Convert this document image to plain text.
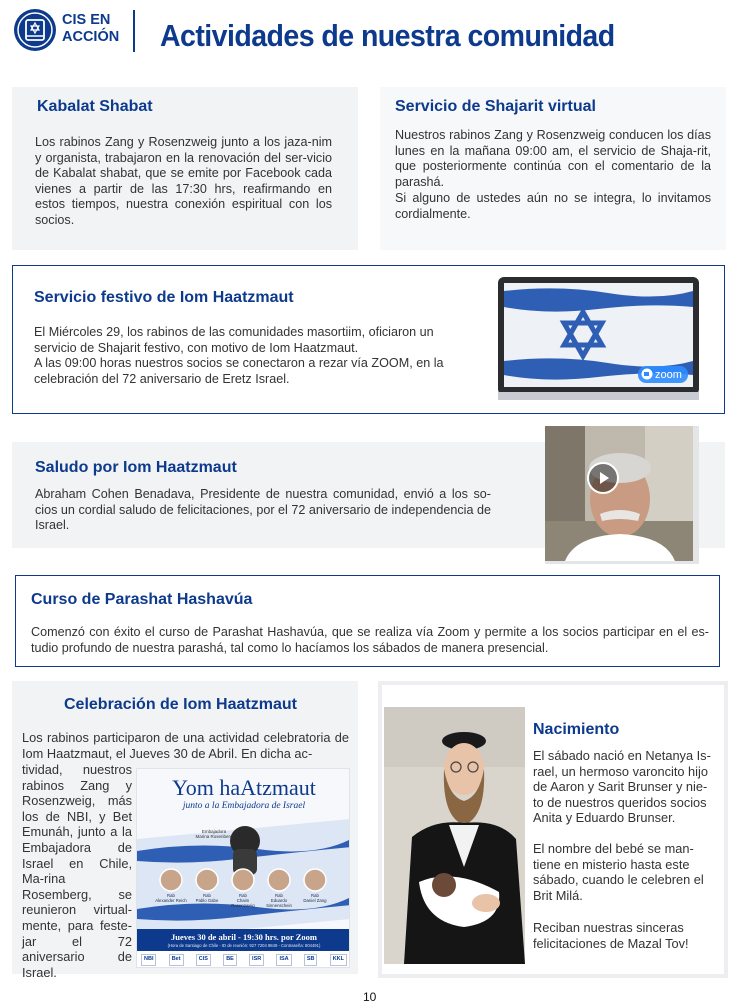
CIS EN
ACCIÓN Actividades de nuestra comunidad
Kabalat Shabat

Los rabinos Zang y Rosenzweig junto a los jaza-nim y organista, trabajaron en la renovación del ser-vicio de Kabalat shabat, que se emite por Facebook cada vienes a partir de las 17:30 hrs, reafirmando en estos tiempos, nuestra conexión espiritual con los socios.

Servicio de Shajarit virtual

Nuestros rabinos Zang y Rosenzweig conducen los días lunes en la mañana 09:00 am, el servicio de Shaja-rit, que posteriormente continúa con el comentario de la parashá.

Si alguno de ustedes aún no se integra, lo invitamos cordialmente.

Servicio festivo de Iom Haatzmaut

El Miércoles 29, los rabinos de las comunidades masortiim, oficiaron un servicio de Shajarit festivo, con motivo de Iom Haatzmaut.

A las 09:00 horas nuestros socios se conectaron a rezar vía ZOOM, en la celebración del 72 aniversario de Eretz Israel.	zoom
Saludo por Iom Haatzmaut

Abraham Cohen Benadava, Presidente de nuestra comunidad, envió a los so-cios un cordial saludo de felicitaciones, por el 72 aniversario de independencia de Israel.

Curso de Parashat Hashavúa

Comenzó con éxito el curso de Parashat Hashavúa, que se realiza vía Zoom y permite a los socios participar en el es-tudio profundo de nuestra parashá, tal como lo hacíamos los sábados de manera presencial.

Celebración de Iom Haatzmaut

Los rabinos participaron de una actividad celebratoria de Iom Haatzmaut, el Jueves 30 de Abril. En dicha ac-

tividad, nuestros rabinos Zang y Rosenzweig, más los de NBI, y Bet Emunáh, junto a la Embajadora de Israel en Chile, Ma-rina Rosemberg, se reunieron virtual-mente, para feste-jar el 72 aniversario de Israel.

Yom haAtzmaut
junto a la Embajadora de Israel
Embajadora
Marina Rosenberg
Rab
Alexander Reich
Rab
Pablo Gabe
Rab
Chaim Rosenzweig
Rab
Eduardo Sinnenschein
Rab
Daniel Zang
Jueves 30 de abril - 19:30 hrs. por Zoom
(Hora de Santiago de Chile - ID de reunión: 927 7204 9849 - Contraseña: 804491)
NBI	Bet	CIS	BE	ISR	ISA	SB	KKL
Nacimiento

El sábado nació en Netanya Is-rael, un hermoso varoncito hijo de Aaron y Sarit Brunser y nie-to de nuestros queridos socios Anita y Eduardo Brunser.

El nombre del bebé se man-tiene en misterio hasta este sábado, cuando le celebren el Brit Milá.

Reciban nuestras sinceras felicitaciones de Mazal Tov!

10
